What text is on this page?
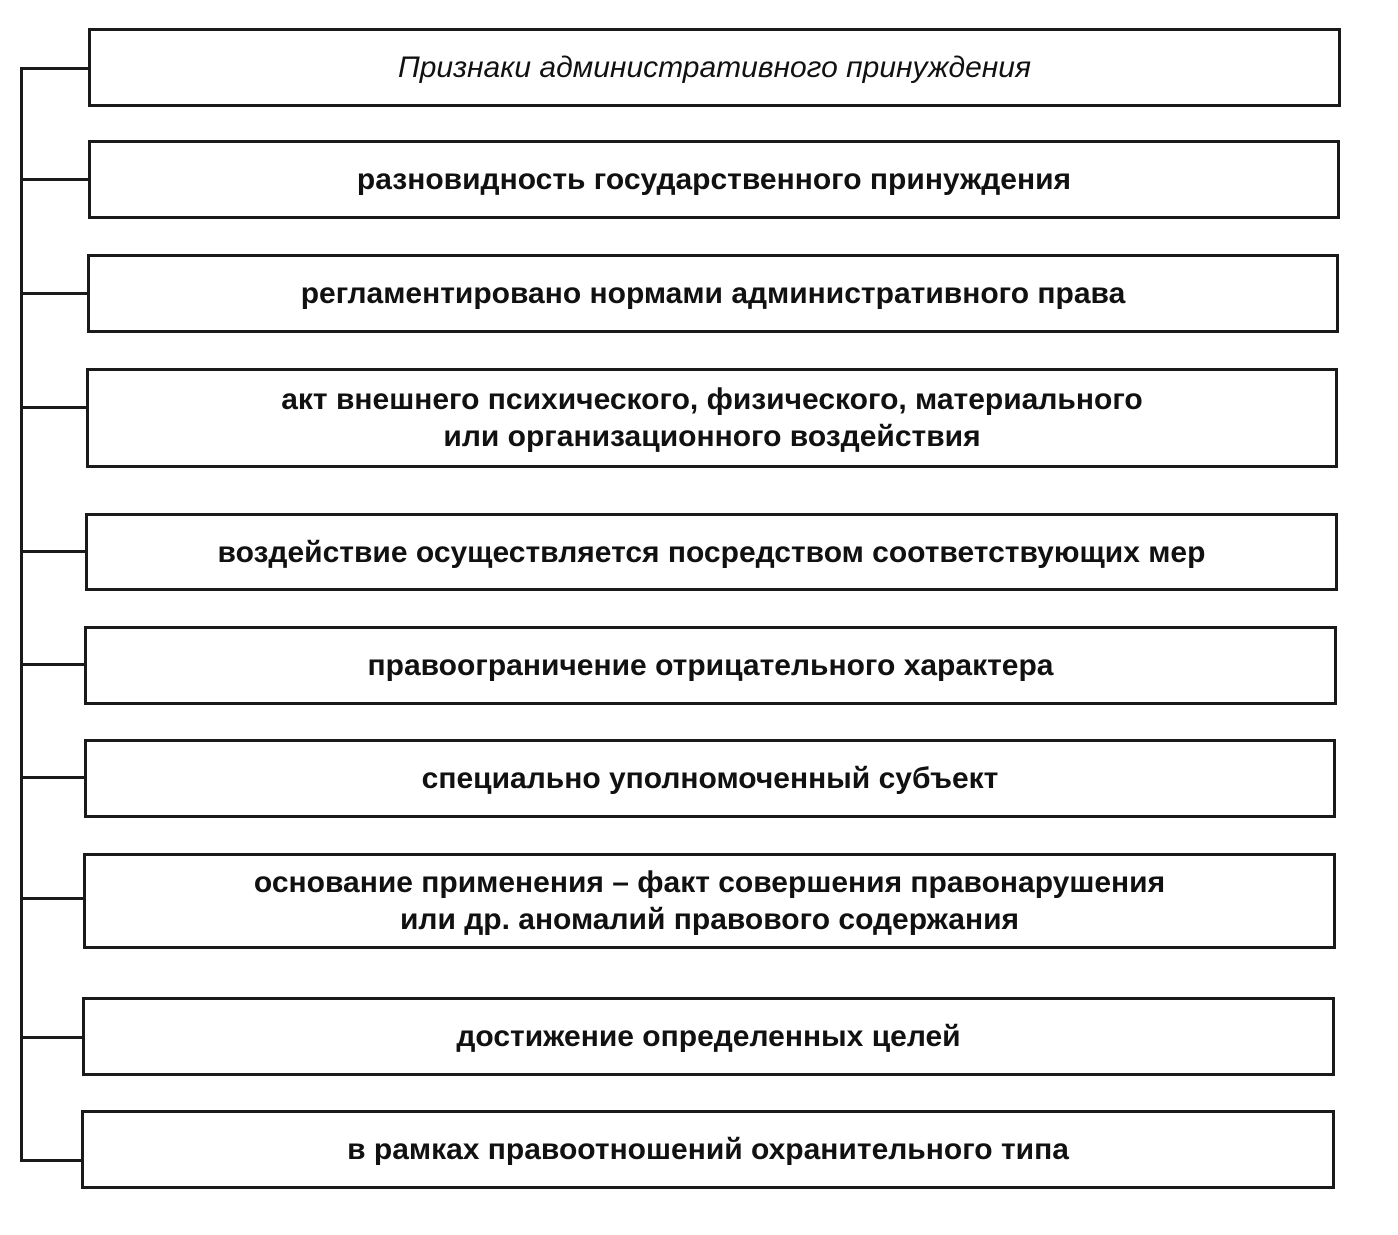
Признаки административного принуждения
разновидность государственного принуждения
регламентировано нормами административного права
акт внешнего психического, физического, материального
или организационного воздействия
воздействие осуществляется посредством соответствующих мер
правоограничение отрицательного характера
специально уполномоченный субъект
основание применения – факт совершения правонарушения
или др. аномалий правового содержания
достижение определенных целей
в рамках правоотношений охранительного типа
